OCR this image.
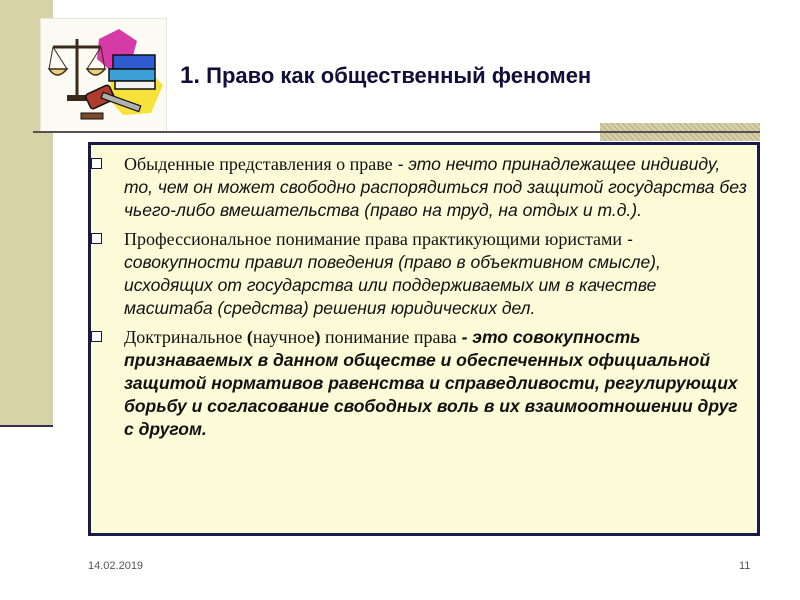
1. Право как общественный феномен
Обыденные представления о праве - это нечто принадлежащее индивиду, то, чем он может свободно распорядиться под защитой государства без чьего-либо вмешательства (право на труд, на отдых и т.д.).
Профессиональное понимание права практикующими юристами - совокупности правил поведения (право в объективном смысле), исходящих от государства или поддерживаемых им в качестве масштаба (средства) решения юридических дел.
Доктринальное (научное) понимание права - это совокупность признаваемых в данном обществе и обеспеченных официальной защитой нормативов равенства и справедливости, регулирующих борьбу и согласование свободных воль в их взаимоотношении друг с другом.
14.02.2019	11
